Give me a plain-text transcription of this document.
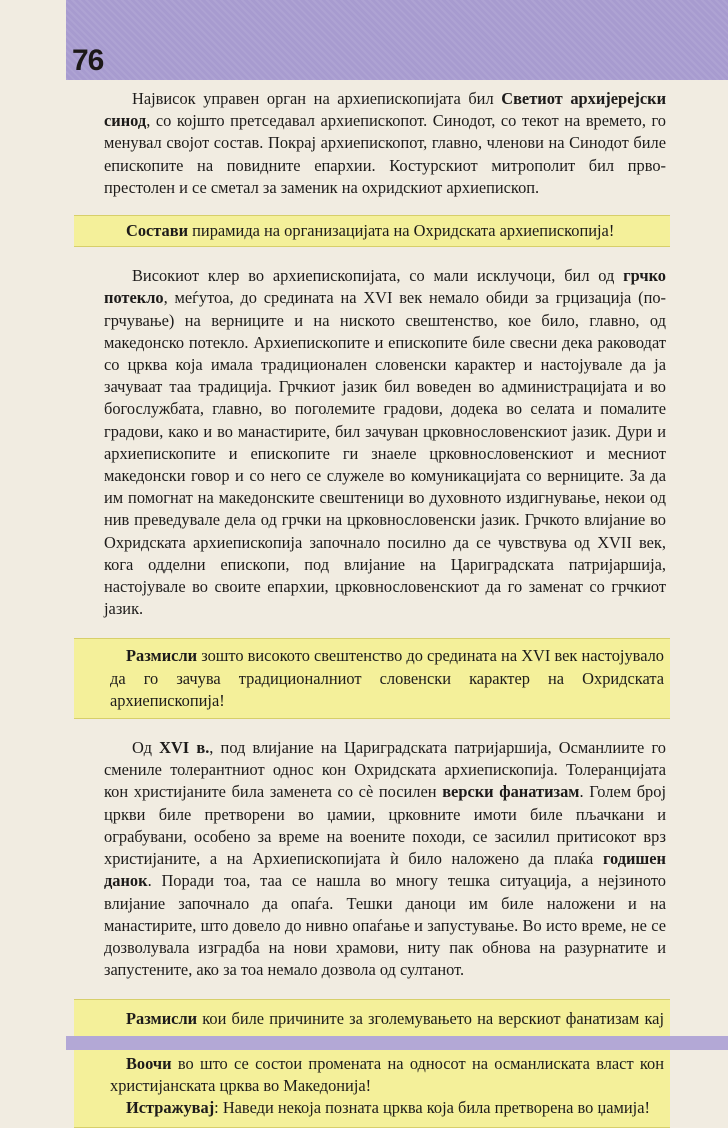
76

Највисок управен орган на архиепископијата бил Светиот архијерејски синод, со којшто претседавал архиепископот. Синодот, со текот на времето, го менувал својот состав. Покрај архиепископот, главно, членови на Синодот биле епископите на повидните епархии. Костурскиот митрополит бил прво-престолен и се сметал за заменик на охридскиот архиепископ.

Состави пирамида на организацијата на Охридската архиепископија!

Високиот клер во архиепископијата, со мали исклучоци, бил од грчко потекло, меѓутоа, до средината на XVI век немало обиди за грцизација (по-грчување) на верниците и на ниското свештенство, кое било, главно, од македонско потекло. Архиепископите и епископите биле свесни дека раководат со црква која имала традиционален словенски карактер и настојувале да ја зачуваат таа традиција. Грчкиот јазик бил воведен во администрацијата и во богослужбата, главно, во поголемите градови, додека во селата и помалите градови, како и во манастирите, бил зачуван црковнословенскиот јазик. Дури и архиепископите и епископите ги знаеле црковнословенскиот и месниот македонски говор и со него се служеле во комуникацијата со верниците. За да им помогнат на македонските свештеници во духовното издигнување, некои од нив преведувале дела од грчки на црковнословенски јазик. Грчкото влијание во Охридската архиепископија започнало посилно да се чувствува од XVII век, кога одделни епископи, под влијание на Цариградската патријаршија, настојувале во своите епархии, црковнословенскиот да го заменат со грчкиот јазик.

Размисли зошто високото свештенство до средината на XVI век настојувало да го зачува традиционалниот словенски карактер на Охридската архиепископија!

Од XVI в., под влијание на Цариградската патријаршија, Османлиите го смениле толерантниот однос кон Охридската архиепископија. Толеранцијата кон христијаните била заменета со сè посилен верски фанатизам. Голем број цркви биле претворени во џамии, црковните имоти биле пљачкани и ограбувани, особено за време на воените походи, се засилил притисокот врз христијаните, а на Архиепископијата ѝ било наложено да плаќа годишен данок. Поради тоа, таа се нашла во многу тешка ситуација, а нејзиното влијание започнало да опаѓа. Тешки даноци им биле наложени и на манастирите, што довело до нивно опаѓање и запустување. Во исто време, не се дозволувала изградба на нови храмови, ниту пак обнова на разурнатите и запустените, ако за тоа немало дозвола од султанот.

Размисли кои биле причините за зголемувањето на верскиот фанатизам кај

Воочи во што се состои промената на односот на османлиската власт кон христијанската црква во Македонија!

Истражувај: Наведи некоја позната црква која била претворена во џамија!
